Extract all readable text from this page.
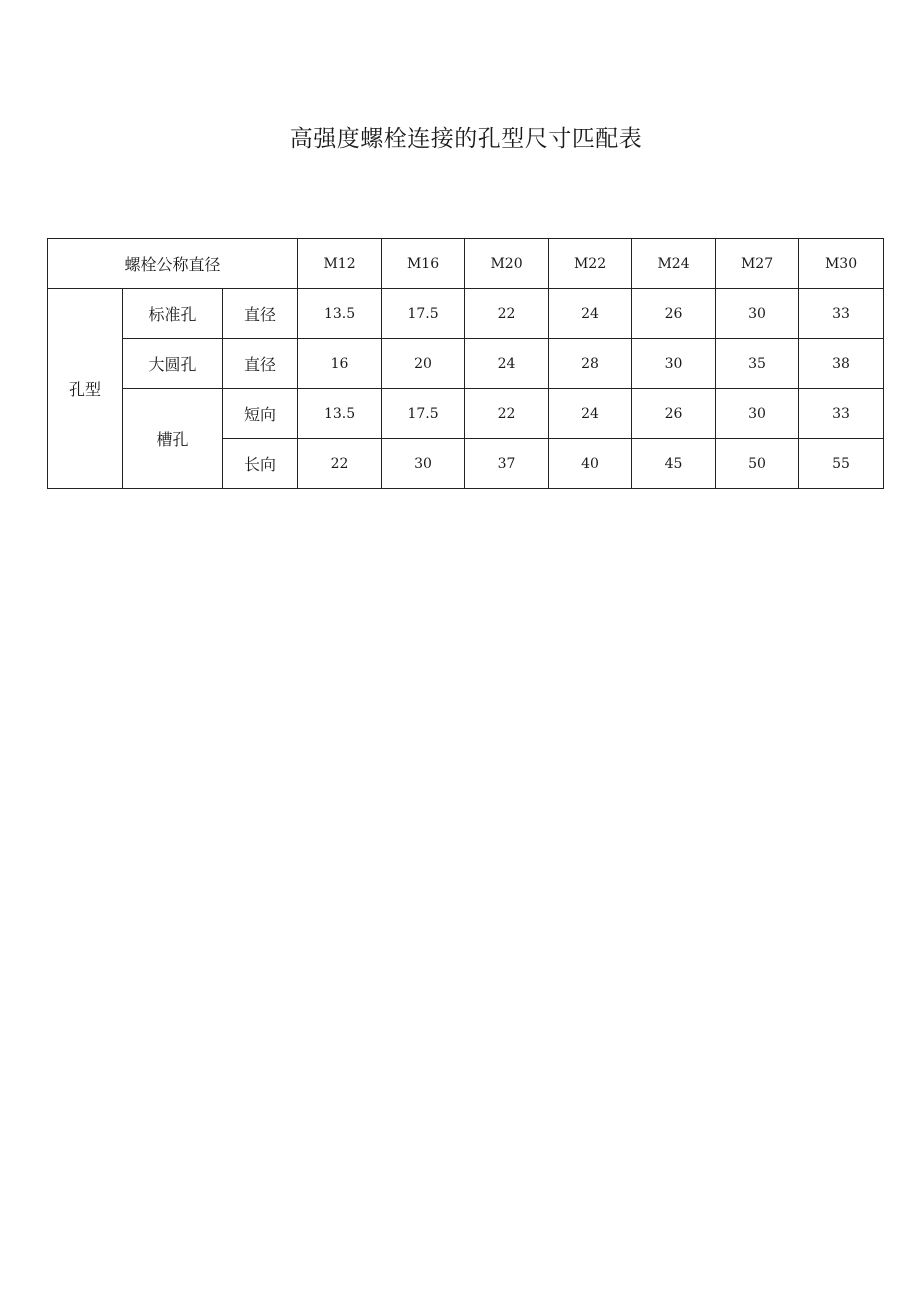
高强度螺栓连接的孔型尺寸匹配表
螺栓公称直径			M12	M16	M20	M22	M24	M27	M30
孔型	标准孔	直径	13.5	17.5	22	24	26	30	33
	大圆孔	直径	16	20	24	28	30	35	38
	槽孔	短向	13.5	17.5	22	24	26	30	33
		长向	22	30	37	40	45	50	55
